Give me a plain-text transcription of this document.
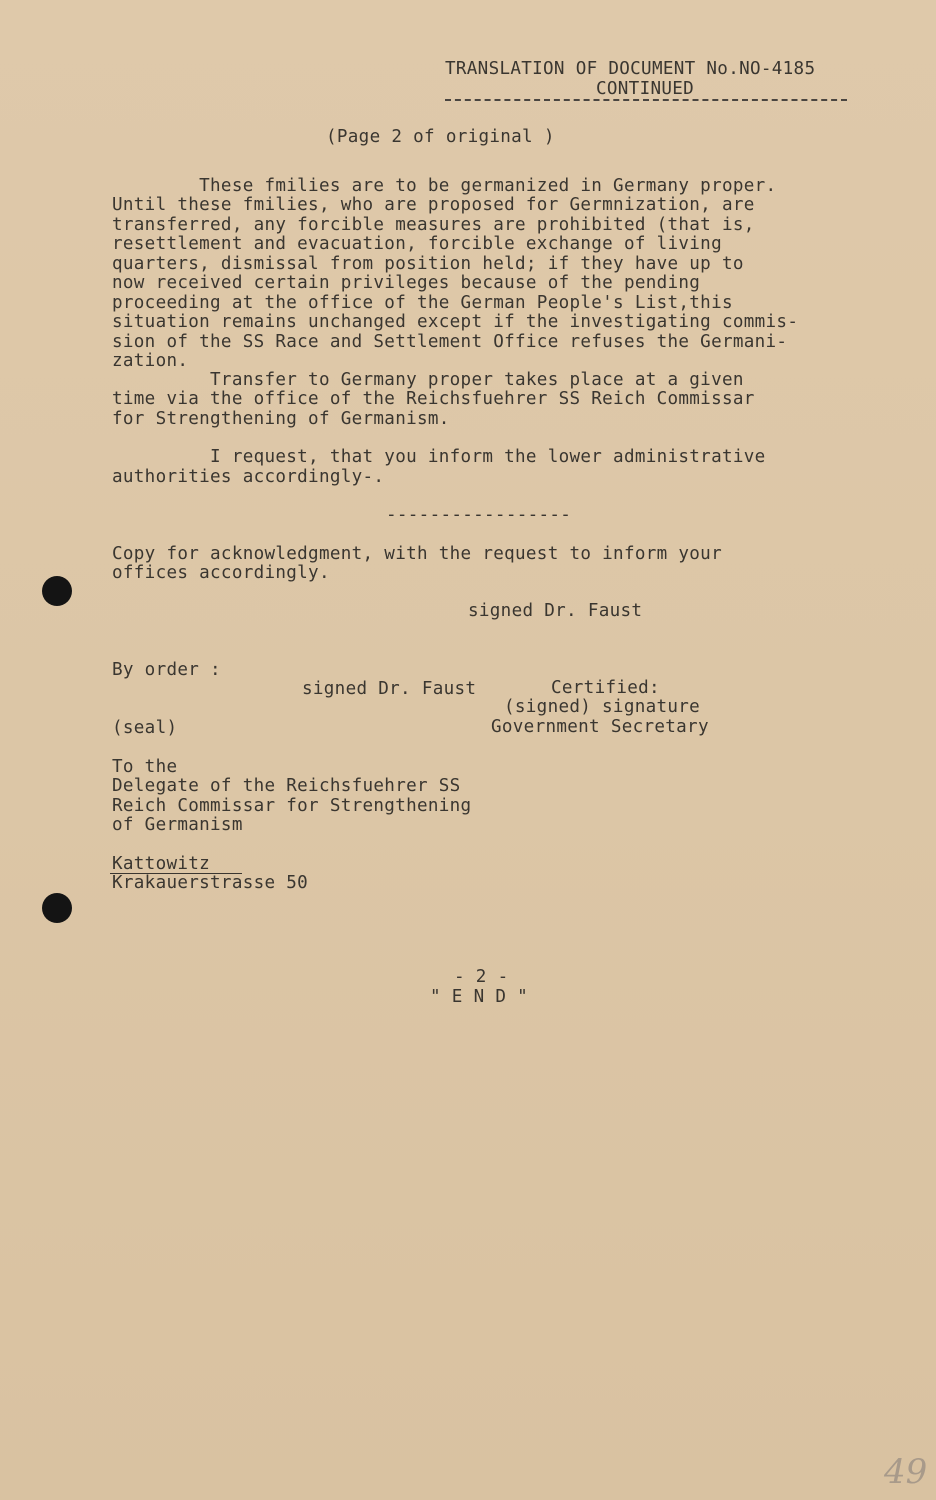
TRANSLATION OF DOCUMENT No.NO-4185
CONTINUED
(Page 2 of original )
These fmilies are to be germanized in Germany proper.
Until these fmilies, who are proposed for Germnization, are
transferred, any forcible measures are prohibited (that is,
resettlement and evacuation, forcible exchange of living
quarters, dismissal from position held; if they have up to
now received certain privileges because of the pending
proceeding at the office of the German People's List,this
situation remains unchanged except if the investigating commis-
sion of the SS Race and Settlement Office refuses the Germani-
zation.
Transfer to Germany proper takes place at a given
time via the office of the Reichsfuehrer SS Reich Commissar
for Strengthening of Germanism.
I request, that you inform the lower administrative
authorities accordingly-.
-----------------
Copy for acknowledgment, with the request to inform your
offices accordingly.
signed Dr. Faust
By order :
signed Dr. Faust	Certified:
(signed) signature
Government Secretary
(seal)
To the
Delegate of the Reichsfuehrer SS
Reich Commissar for Strengthening
of Germanism
Kattowitz
Krakauerstrasse 50
- 2 -
" E N D "
49
